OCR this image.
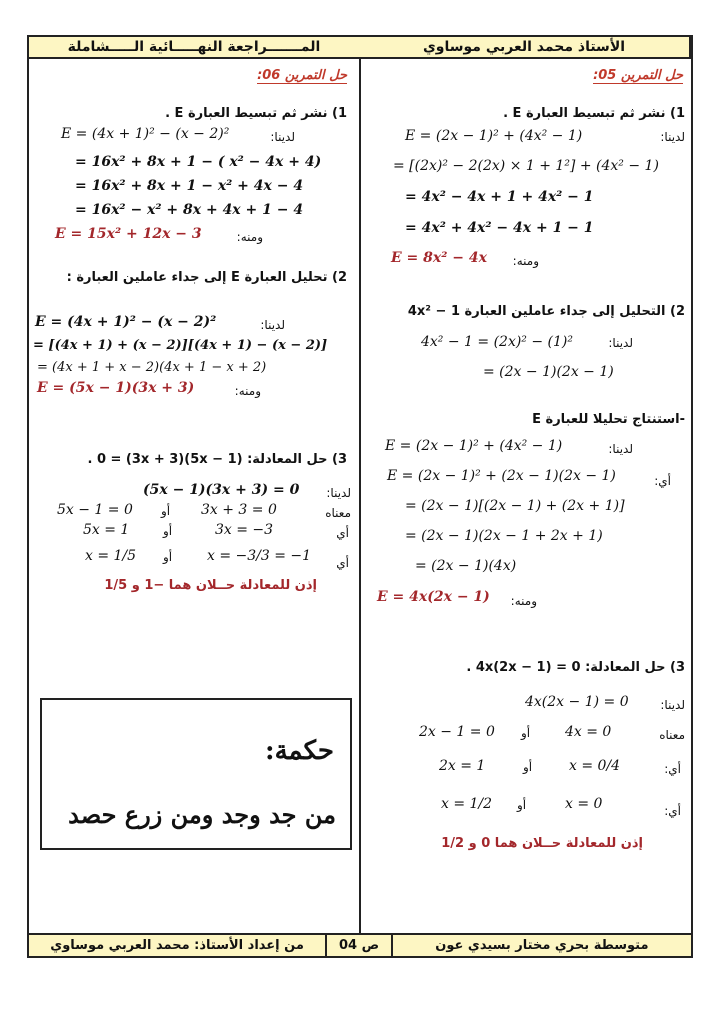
المـــــــراجعة النهـــــائية الـــــشاملة	الأستاذ محمد العربي موساوي
حل التمرين 05:
1) نشر ثم تبسيط العبارة E .
لدينا:
E = (2x − 1)² + (4x² − 1)
= [(2x)² − 2(2x) × 1 + 1²] + (4x² − 1)
= 4x² − 4x + 1 + 4x² − 1
= 4x² + 4x² − 4x + 1 − 1
ومنه:
E = 8x² − 4x
2) التحليل إلى جداء عاملين العبارة 4x² − 1
لدينا:
4x² − 1 = (2x)² − (1)²
= (2x − 1)(2x − 1)
-استنتاج تحليلا للعبارة E
لدينا:
E = (2x − 1)² + (4x² − 1)
أي:
E = (2x − 1)² + (2x − 1)(2x − 1)
= (2x − 1)[(2x − 1) + (2x + 1)]
= (2x − 1)(2x − 1 + 2x + 1)
= (2x − 1)(4x)
ومنه:
E = 4x(2x − 1)
3) حل المعادلة: 4x(2x − 1) = 0 .
لدينا:
4x(2x − 1) = 0
معناه
2x − 1 = 0 أو 4x = 0
أي:
2x = 1	أو	x = 0/4
أي:
x = 1/2 أو	x = 0
إذن للمعادلة حــلان هما 0 و 1/2
حل التمرين 06:
1) نشر ثم تبسيط العبارة E .
لدينا:
E = (4x + 1)² − (x − 2)²
= 16x² + 8x + 1 − ( x² − 4x + 4)
= 16x² + 8x + 1 − x² + 4x − 4
= 16x² − x² + 8x + 4x + 1 − 4
ومنه:
E = 15x² + 12x − 3
2) تحليل العبارة E إلى جداء عاملين العبارة :
لدينا:
E = (4x + 1)² − (x − 2)²
= [(4x + 1) + (x − 2)][(4x + 1) − (x − 2)]
= (4x + 1 + x − 2)(4x + 1 − x + 2)
ومنه:
E = (5x − 1)(3x + 3)
3) حل المعادلة: (5x − 1)(3x + 3) = 0 .
لدينا:
(5x − 1)(3x + 3) = 0
معناه
5x − 1 = 0 أو 3x + 3 = 0
أي
5x = 1	أو	3x = −3
أي
x = 1/5 أو x = −3/3 = −1
إذن للمعادلة حــلان هما −1 و 1/5
حكمة:
من جد وجد ومن زرع حصد
متوسطة بحري مختار بسيدي عون
ص 04
من إعداد الأستاذ: محمد العربي موساوي
